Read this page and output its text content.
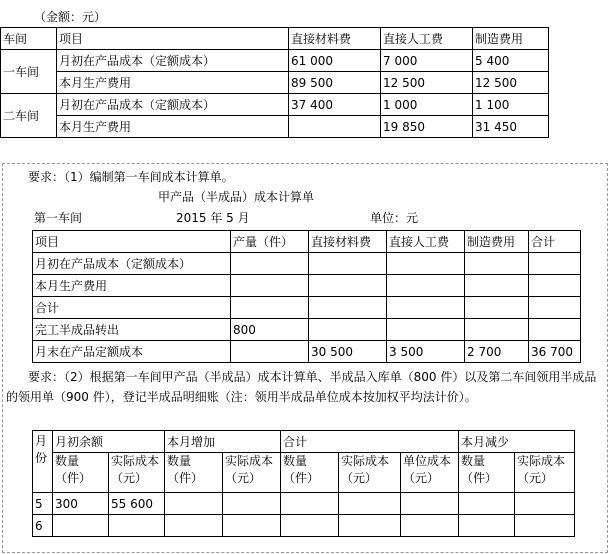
（金额：元）
车间	项目	直接材料费	直接人工费	制造费用
一车间	月初在产品成本（定额成本）	61 000	7 000	5 400
	本月生产费用	89 500	12 500	12 500
二车间	月初在产品成本（定额成本）	37 400	1 000	1 100
	本月生产费用		19 850	31 450
要求：（1）编制第一车间成本计算单。
甲产品（半成品）成本计算单
第一车间	2015 年 5 月	单位：元
项目	产量（件）	直接材料费	直接人工费	制造费用	合计
月初在产品成本（定额成本）					
本月生产费用					
合计					
完工半成品转出	800				
月末在产品定额成本		30 500	3 500	2 700	36 700
要求：（2）根据第一车间甲产品（半成品）成本计算单、半成品入库单（800 件）以及第二车间领用半成品的领用单（900 件），登记半成品明细账（注：领用半成品单位成本按加权平均法计价）。
月份	月初余额		本月增加		合计			本月减少	
	数量（件）	实际成本（元）	数量（件）	实际成本（元）	数量（件）	实际成本（元）	单位成本（元）	数量（件）	实际成本（元）
5	300	55 600							
6									
